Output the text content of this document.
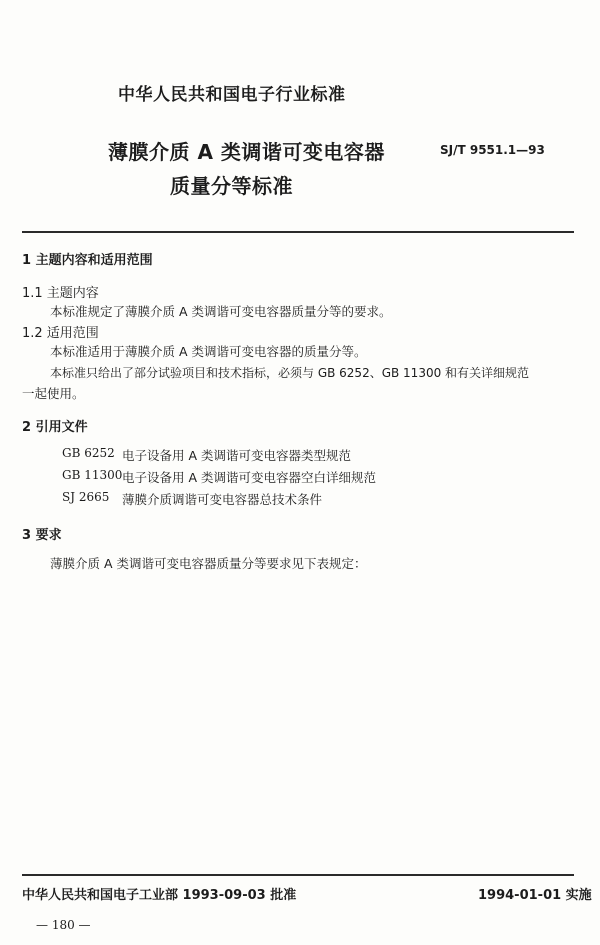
中华人民共和国电子行业标准
薄膜介质 A 类调谐可变电容器
质量分等标准
SJ/T 9551.1—93
1 主题内容和适用范围
1.1 主题内容
本标准规定了薄膜介质 A 类调谐可变电容器质量分等的要求。
1.2 适用范围
本标准适用于薄膜介质 A 类调谐可变电容器的质量分等。
本标准只给出了部分试验项目和技术指标，必须与 GB 6252、GB 11300 和有关详细规范
一起使用。
2 引用文件
GB 6252 电子设备用 A 类调谐可变电容器类型规范
GB 11300 电子设备用 A 类调谐可变电容器空白详细规范
SJ 2665 薄膜介质调谐可变电容器总技术条件
3 要求
薄膜介质 A 类调谐可变电容器质量分等要求见下表规定：
中华人民共和国电子工业部 1993-09-03 批准	1994-01-01 实施
— 180 —
